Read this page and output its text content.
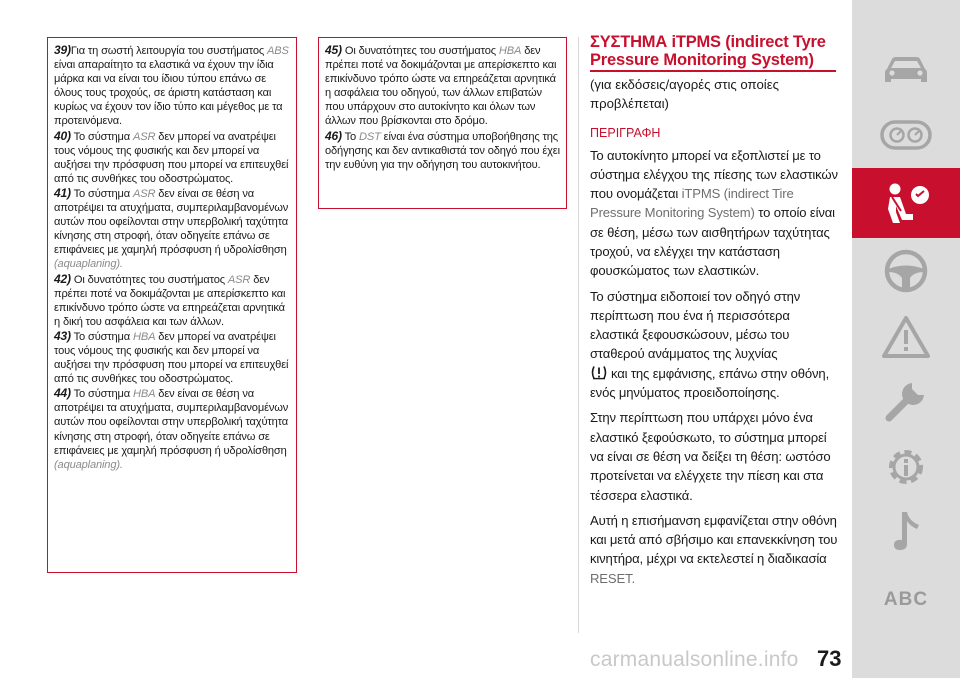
39)Για τη σωστή λειτουργία του συστήματος ABS είναι απαραίτητο τα ελαστικά να έχουν την ίδια μάρκα και να είναι του ίδιου τύπου επάνω σε όλους τους τροχούς, σε άριστη κατάσταση και κυρίως να έχουν τον ίδιο τύπο και μέγεθος με τα προτεινόμενα.

40) Το σύστημα ASR δεν μπορεί να ανατρέψει τους νόμους της φυσικής και δεν μπορεί να αυξήσει την πρόσφυση που μπορεί να επιτευχθεί από τις συνθήκες του οδοστρώματος.

41) Το σύστημα ASR δεν είναι σε θέση να αποτρέψει τα ατυχήματα, συμπεριλαμβανομένων αυτών που οφείλονται στην υπερβολική ταχύτητα κίνησης στη στροφή, όταν οδηγείτε επάνω σε επιφάνειες με χαμηλή πρόσφυση ή υδρολίσθηση (aquaplaning).

42) Οι δυνατότητες του συστήματος ASR δεν πρέπει ποτέ να δοκιμάζονται με απερίσκεπτο και επικίνδυνο τρόπο ώστε να επηρεάζεται αρνητικά η δική του ασφάλεια και των άλλων.

43) Το σύστημα HBA δεν μπορεί να ανατρέψει τους νόμους της φυσικής και δεν μπορεί να αυξήσει την πρόσφυση που μπορεί να επιτευχθεί από τις συνθήκες του οδοστρώματος.

44) Το σύστημα HBA δεν είναι σε θέση να αποτρέψει τα ατυχήματα, συμπεριλαμβανομένων αυτών που οφείλονται στην υπερβολική ταχύτητα κίνησης στη στροφή, όταν οδηγείτε επάνω σε επιφάνειες με χαμηλή πρόσφυση ή υδρολίσθηση (aquaplaning).

45) Οι δυνατότητες του συστήματος HBA δεν πρέπει ποτέ να δοκιμάζονται με απερίσκεπτο και επικίνδυνο τρόπο ώστε να επηρεάζεται αρνητικά η ασφάλεια του οδηγού, των άλλων επιβατών που υπάρχουν στο αυτοκίνητο και όλων των άλλων που βρίσκονται στο δρόμο.

46) Το DST είναι ένα σύστημα υποβοήθησης της οδήγησης και δεν αντικαθιστά τον οδηγό που έχει την ευθύνη για την οδήγηση του αυτοκινήτου.

ΣΥΣΤΗΜΑ iTPMS (indirect Tyre
Pressure Monitoring System)
(για εκδόσεις/αγορές στις οποίες προβλέπεται)
ΠΕΡΙΓΡΑΦΗ

Το αυτοκίνητο μπορεί να εξοπλιστεί με το σύστημα ελέγχου της πίεσης των ελαστικών που ονομάζεται iTPMS (indirect Tire Pressure Monitoring System) το οποίο είναι σε θέση, μέσω των αισθητήρων ταχύτητας τροχού, να ελέγχει την κατάσταση φουσκώματος των ελαστικών.

Το σύστημα ειδοποιεί τον οδηγό στην περίπτωση που ένα ή περισσότερα ελαστικά ξεφουσκώσουν, μέσω του σταθερού ανάμματος της λυχνίας
και της εμφάνισης, επάνω στην οθόνη, ενός μηνύματος προειδοποίησης.

Στην περίπτωση που υπάρχει μόνο ένα ελαστικό ξεφούσκωτο, το σύστημα μπορεί να είναι σε θέση να δείξει τη θέση: ωστόσο προτείνεται να ελέγχετε την πίεση και στα τέσσερα ελαστικά.

Αυτή η επισήμανση εμφανίζεται στην οθόνη και μετά από σβήσιμο και επανεκκίνηση του κινητήρα, μέχρι να εκτελεστεί η διαδικασία RESET.

ABC
carmanualsonline.info 73
